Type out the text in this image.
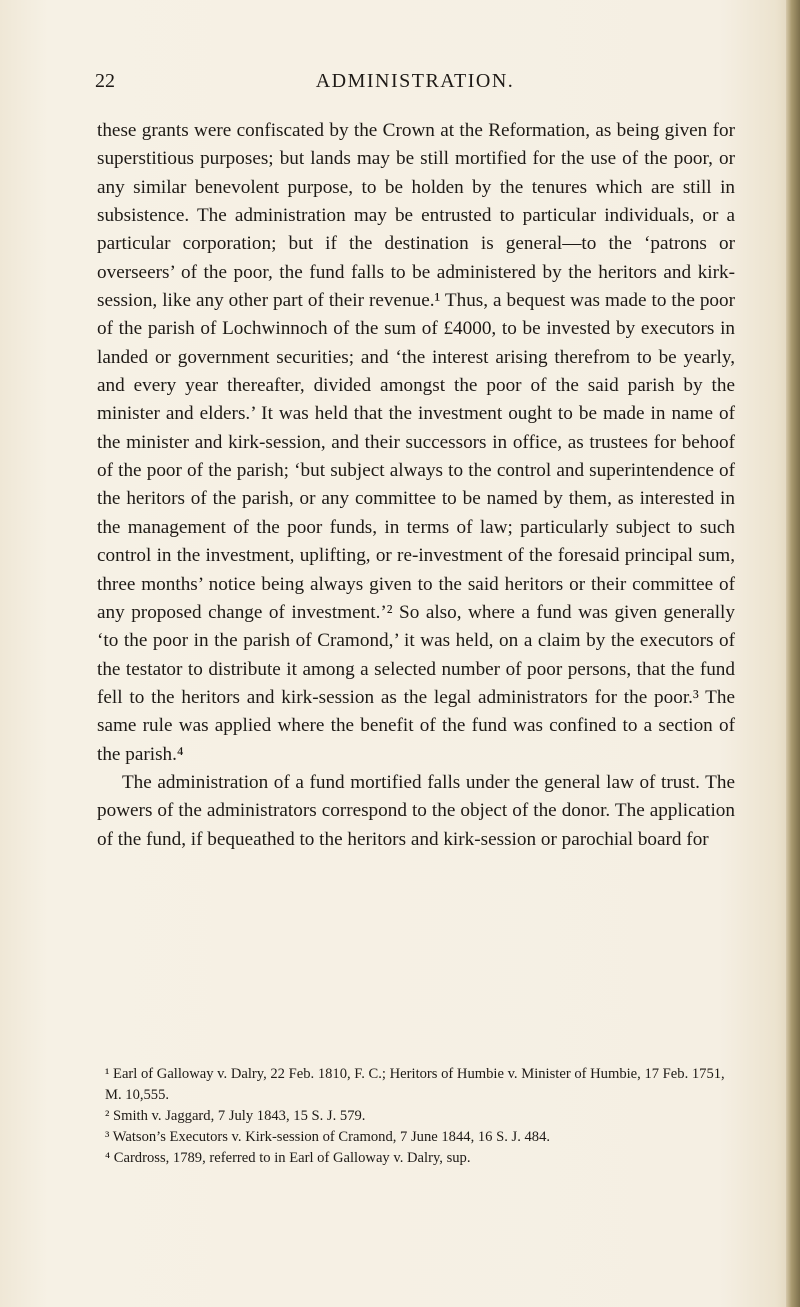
22	ADMINISTRATION.

these grants were confiscated by the Crown at the Reformation, as being given for superstitious purposes; but lands may be still mortified for the use of the poor, or any similar benevolent purpose, to be holden by the tenures which are still in subsistence. The administration may be entrusted to particular individuals, or a particular corporation; but if the destination is general—to the ‘patrons or overseers’ of the poor, the fund falls to be administered by the heritors and kirk-session, like any other part of their revenue.¹ Thus, a bequest was made to the poor of the parish of Lochwinnoch of the sum of £4000, to be invested by executors in landed or government securities; and ‘the interest arising therefrom to be yearly, and every year thereafter, divided amongst the poor of the said parish by the minister and elders.’ It was held that the investment ought to be made in name of the minister and kirk-session, and their successors in office, as trustees for behoof of the poor of the parish; ‘but subject always to the control and superintendence of the heritors of the parish, or any committee to be named by them, as interested in the management of the poor funds, in terms of law; particularly subject to such control in the investment, uplifting, or re-investment of the foresaid principal sum, three months’ notice being always given to the said heritors or their committee of any proposed change of investment.’² So also, where a fund was given generally ‘to the poor in the parish of Cramond,’ it was held, on a claim by the executors of the testator to distribute it among a selected number of poor persons, that the fund fell to the heritors and kirk-session as the legal administrators for the poor.³ The same rule was applied where the benefit of the fund was confined to a section of the parish.⁴

The administration of a fund mortified falls under the general law of trust. The powers of the administrators correspond to the object of the donor. The application of the fund, if bequeathed to the heritors and kirk-session or parochial board for

¹ Earl of Galloway v. Dalry, 22 Feb. 1810, F. C.; Heritors of Humbie v. Minister of Humbie, 17 Feb. 1751, M. 10,555.

² Smith v. Jaggard, 7 July 1843, 15 S. J. 579.

³ Watson’s Executors v. Kirk-session of Cramond, 7 June 1844, 16 S. J. 484.

⁴ Cardross, 1789, referred to in Earl of Galloway v. Dalry, sup.
